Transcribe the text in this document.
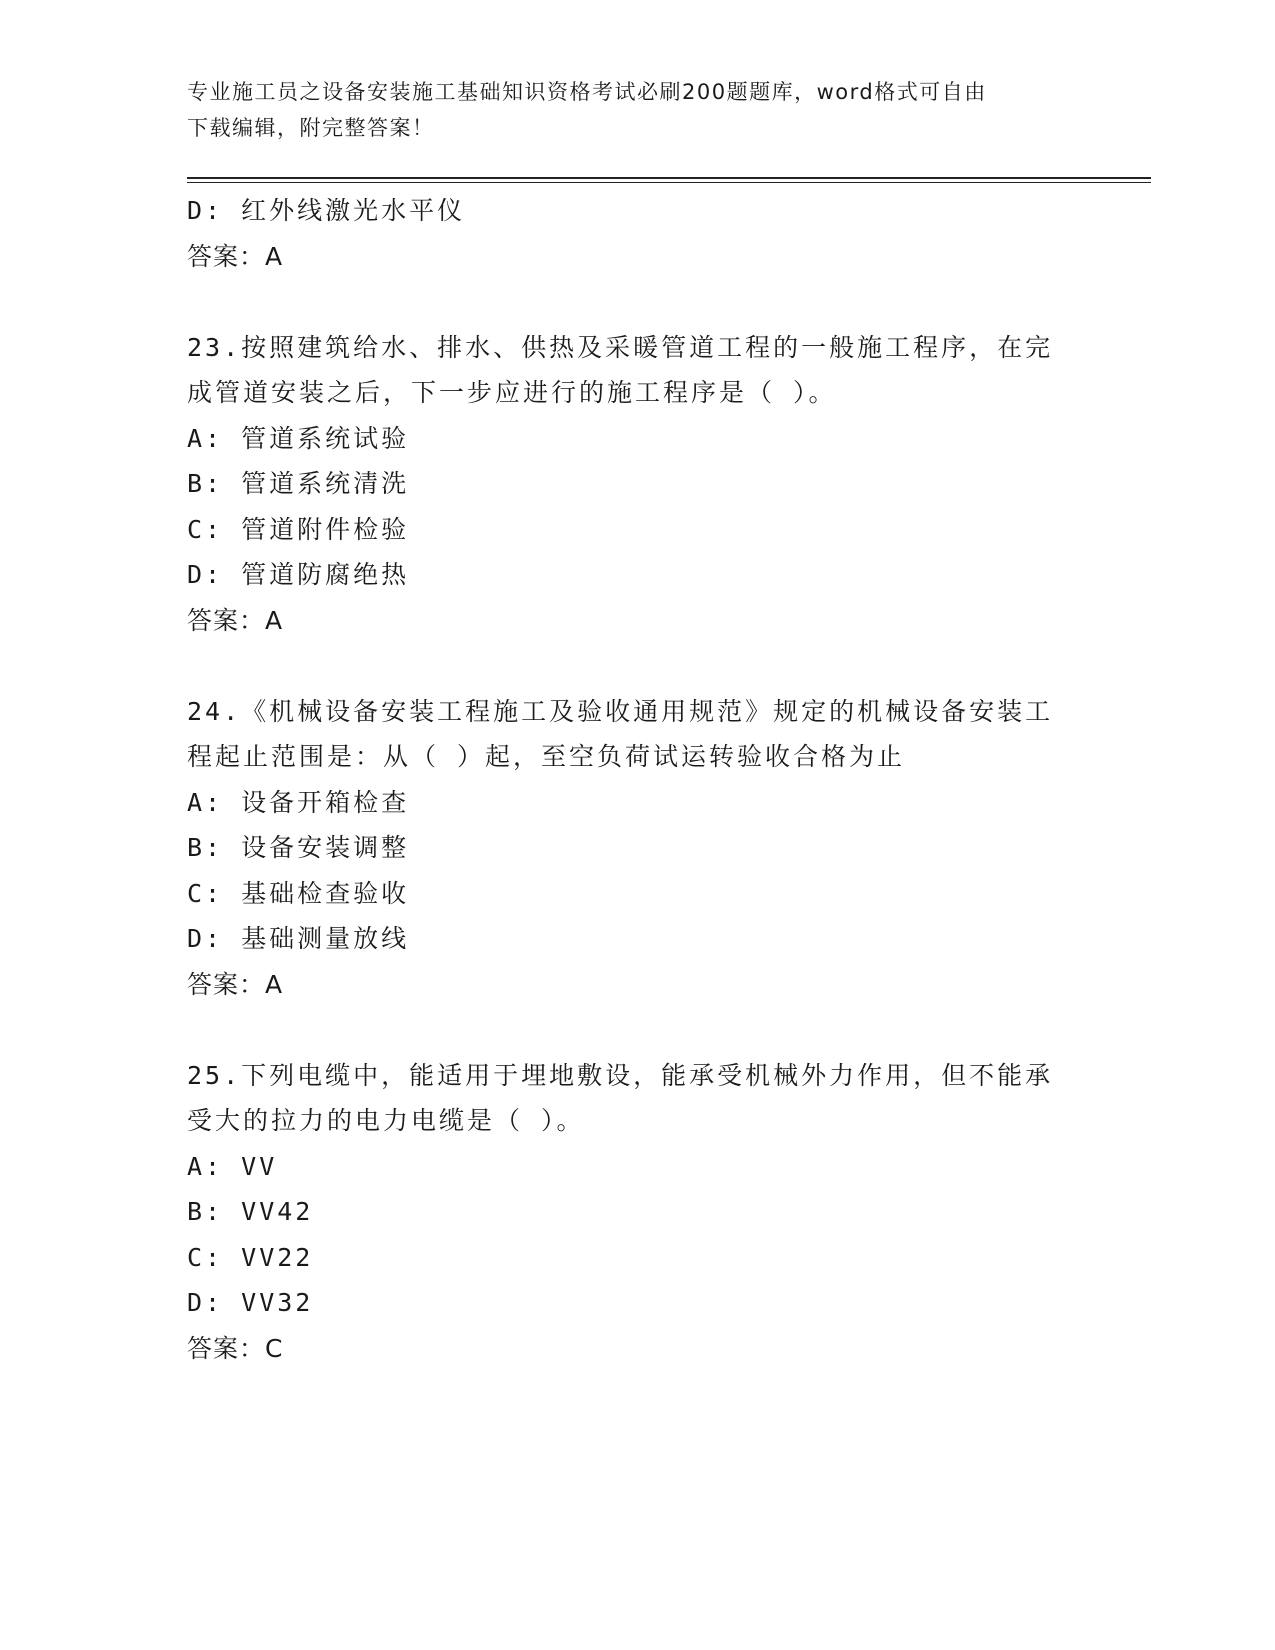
专业施工员之设备安装施工基础知识资格考试必刷200题题库，word格式可自由
下载编辑，附完整答案！
D: 红外线激光水平仪
答案：A
23.按照建筑给水、排水、供热及采暖管道工程的一般施工程序，在完
成管道安装之后，下一步应进行的施工程序是（ ）。
A: 管道系统试验
B: 管道系统清洗
C: 管道附件检验
D: 管道防腐绝热
答案：A
24.《机械设备安装工程施工及验收通用规范》规定的机械设备安装工
程起止范围是：从（ ）起，至空负荷试运转验收合格为止
A: 设备开箱检查
B: 设备安装调整
C: 基础检查验收
D: 基础测量放线
答案：A
25.下列电缆中，能适用于埋地敷设，能承受机械外力作用，但不能承
受大的拉力的电力电缆是（ ）。
A: VV
B: VV42
C: VV22
D: VV32
答案：C
